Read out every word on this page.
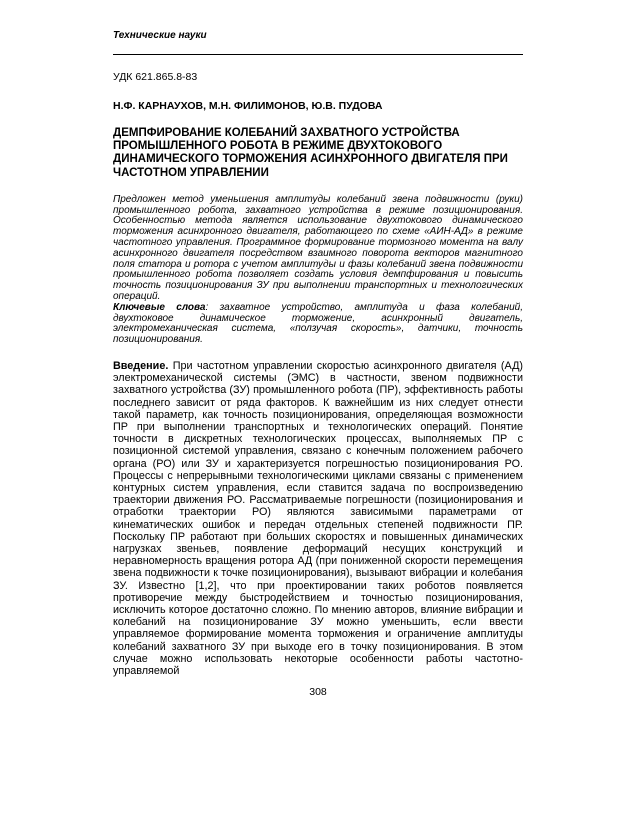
Технические науки
УДК 621.865.8-83
Н.Ф. КАРНАУХОВ, М.Н. ФИЛИМОНОВ, Ю.В. ПУДОВА
ДЕМПФИРОВАНИЕ КОЛЕБАНИЙ ЗАХВАТНОГО УСТРОЙСТВА ПРОМЫШЛЕННОГО РОБОТА В РЕЖИМЕ ДВУХТОКОВОГО ДИНАМИЧЕСКОГО ТОРМОЖЕНИЯ АСИНХРОННОГО ДВИГАТЕЛЯ ПРИ ЧАСТОТНОМ УПРАВЛЕНИИ

Предложен метод уменьшения амплитуды колебаний звена подвижности (руки) промышленного робота, захватного устройства в режиме позиционирования. Особенностью метода является использование двухтокового динамического торможения асинхронного двигателя, работающего по схеме «АИН-АД» в режиме частотного управления. Программное формирование тормозного момента на валу асинхронного двигателя посредством взаимного поворота векторов магнитного поля статора и ротора с учетом амплитуды и фазы колебаний звена подвижности промышленного робота позволяет создать условия демпфирования и повысить точность позиционирования ЗУ при выполнении транспортных и технологических операций.

Ключевые слова: захватное устройство, амплитуда и фаза колебаний, двухтоковое динамическое торможение, асинхронный двигатель, электромеханическая система, «ползучая скорость», датчики, точность позиционирования.

Введение. При частотном управлении скоростью асинхронного двигателя (АД) электромеханической системы (ЭМС) в частности, звеном подвижности захватного устройства (ЗУ) промышленного робота (ПР), эффективность работы последнего зависит от ряда факторов. К важнейшим из них следует отнести такой параметр, как точность позиционирования, определяющая возможности ПР при выполнении транспортных и технологических операций. Понятие точности в дискретных технологических процессах, выполняемых ПР с позиционной системой управления, связано с конечным положением рабочего органа (РО) или ЗУ и характеризуется погрешностью позиционирования РО. Процессы с непрерывными технологическими циклами связаны с применением контурных систем управления, если ставится задача по воспроизведению траектории движения РО. Рассматриваемые погрешности (позиционирования и отработки траектории РО) являются зависимыми параметрами от кинематических ошибок и передач отдельных степеней подвижности ПР. Поскольку ПР работают при больших скоростях и повышенных динамических нагрузках звеньев, появление деформаций несущих конструкций и неравномерность вращения ротора АД (при пониженной скорости перемещения звена подвижности к точке позиционирования), вызывают вибрации и колебания ЗУ. Известно [1,2], что при проектировании таких роботов появляется противоречие между быстродействием и точностью позиционирования, исключить которое достаточно сложно. По мнению авторов, влияние вибрации и колебаний на позиционирование ЗУ можно уменьшить, если ввести управляемое формирование момента торможения и ограничение амплитуды колебаний захватного ЗУ при выходе его в точку позиционирования. В этом случае можно использовать некоторые особенности работы частотно-управляемой

308
